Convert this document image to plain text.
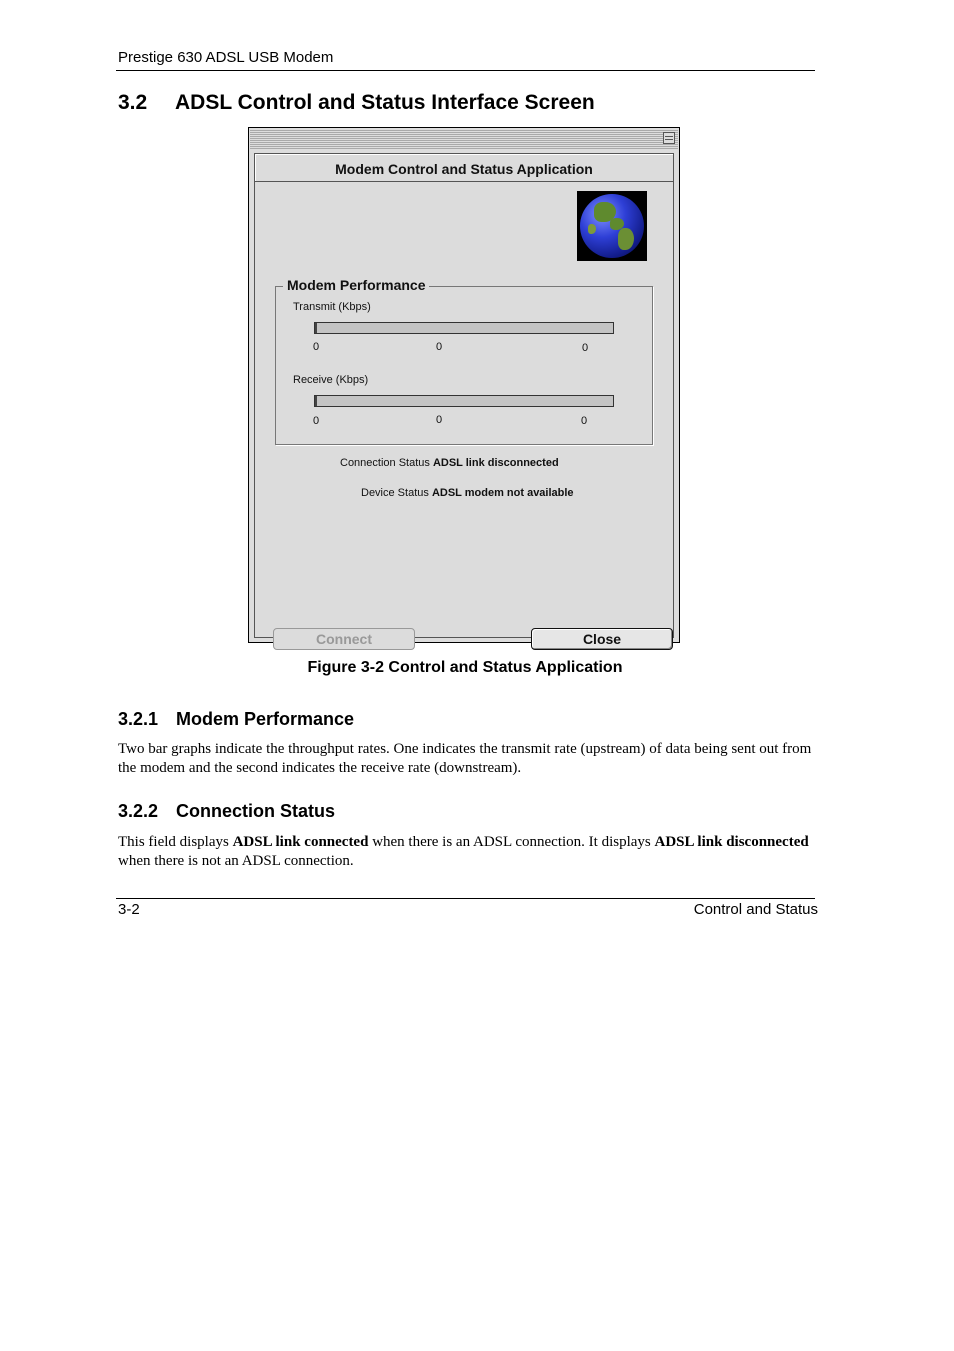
Prestige 630 ADSL USB Modem
3.2 ADSL Control and Status Interface Screen
Modem Control and Status Application
Modem Performance
Transmit (Kbps)
0	0	0
Receive (Kbps)
0	0	0
Connection Status ADSL link disconnected
Device Status ADSL modem not available
Connect	Close
Figure 3-2 Control and Status Application
3.2.1 Modem Performance
Two bar graphs indicate the throughput rates. One indicates the transmit rate (upstream) of data being sent out from the modem and the second indicates the receive rate (downstream).
3.2.2 Connection Status
This field displays ADSL link connected when there is an ADSL connection. It displays ADSL link disconnected when there is not an ADSL connection.
3-2	Control and Status
